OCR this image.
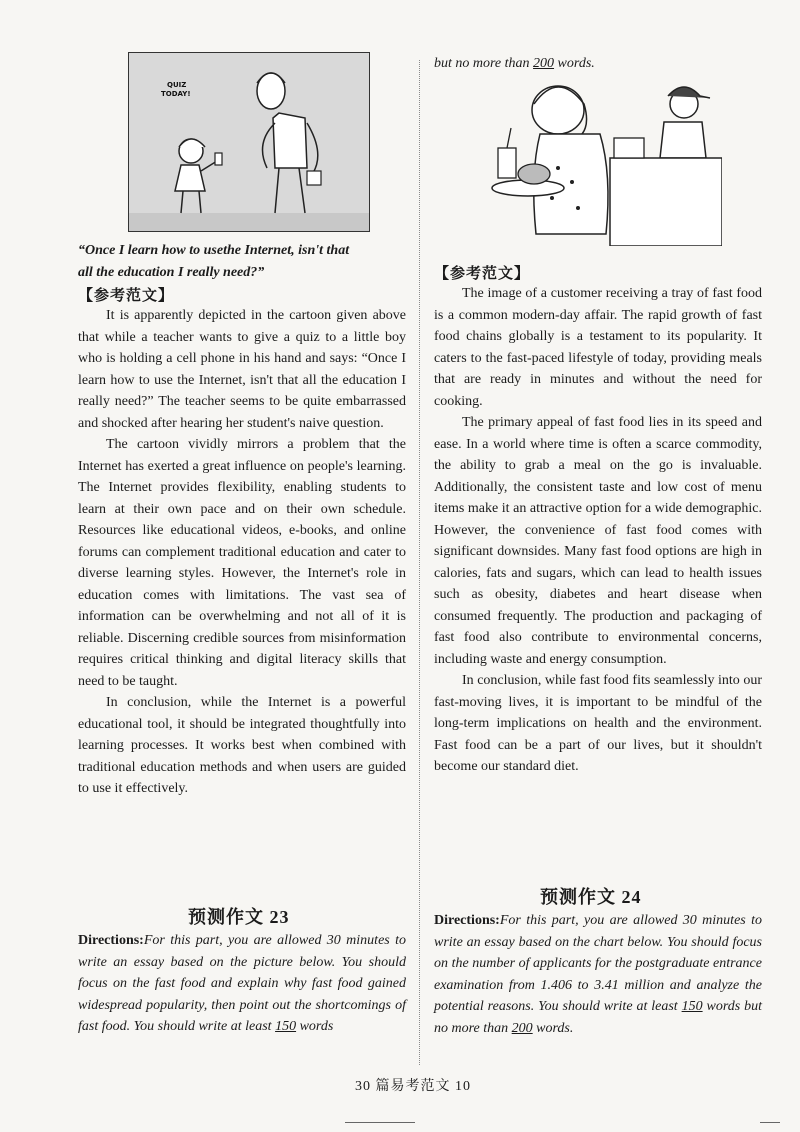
QUIZ
TODAY!
“Once I learn how to usethe Internet, isn't that
all the education I really need?”
【参考范文】

It is apparently depicted in the cartoon given above that while a teacher wants to give a quiz to a little boy who is holding a cell phone in his hand and says: “Once I learn how to use the Internet, isn't that all the education I really need?” The teacher seems to be quite embarrassed and shocked after hearing her student's naive question.

The cartoon vividly mirrors a problem that the Internet has exerted a great influence on people's learning. The Internet provides flexibility, enabling students to learn at their own pace and on their own schedule. Resources like educational videos, e-books, and online forums can complement traditional education and cater to diverse learning styles. However, the Internet's role in education comes with limitations. The vast sea of information can be overwhelming and not all of it is reliable. Discerning credible sources from misinformation requires critical thinking and digital literacy skills that need to be taught.

In conclusion, while the Internet is a powerful educational tool, it should be integrated thoughtfully into learning processes. It works best when combined with traditional education methods and when users are guided to use it effectively.

预测作文 23
Directions:For this part, you are allowed 30 minutes to write an essay based on the picture below. You should focus on the fast food and explain why fast food gained widespread popularity, then point out the shortcomings of fast food. You should write at least 150 words
but no more than 200 words.
【参考范文】

The image of a customer receiving a tray of fast food is a common modern-day affair. The rapid growth of fast food chains globally is a testament to its popularity. It caters to the fast-paced lifestyle of today, providing meals that are ready in minutes and without the need for cooking.

The primary appeal of fast food lies in its speed and ease. In a world where time is often a scarce commodity, the ability to grab a meal on the go is invaluable. Additionally, the consistent taste and low cost of menu items make it an attractive option for a wide demographic. However, the convenience of fast food comes with significant downsides. Many fast food options are high in calories, fats and sugars, which can lead to health issues such as obesity, diabetes and heart disease when consumed frequently. The production and packaging of fast food also contribute to environmental concerns, including waste and energy consumption.

In conclusion, while fast food fits seamlessly into our fast-moving lives, it is important to be mindful of the long-term implications on health and the environment. Fast food can be a part of our lives, but it shouldn't become our standard diet.

预测作文 24
Directions:For this part, you are allowed 30 minutes to write an essay based on the chart below. You should focus on the number of applicants for the postgraduate entrance examination from 1.406 to 3.41 million and analyze the potential reasons. You should write at least 150 words but no more than 200 words.
30 篇易考范文 10
